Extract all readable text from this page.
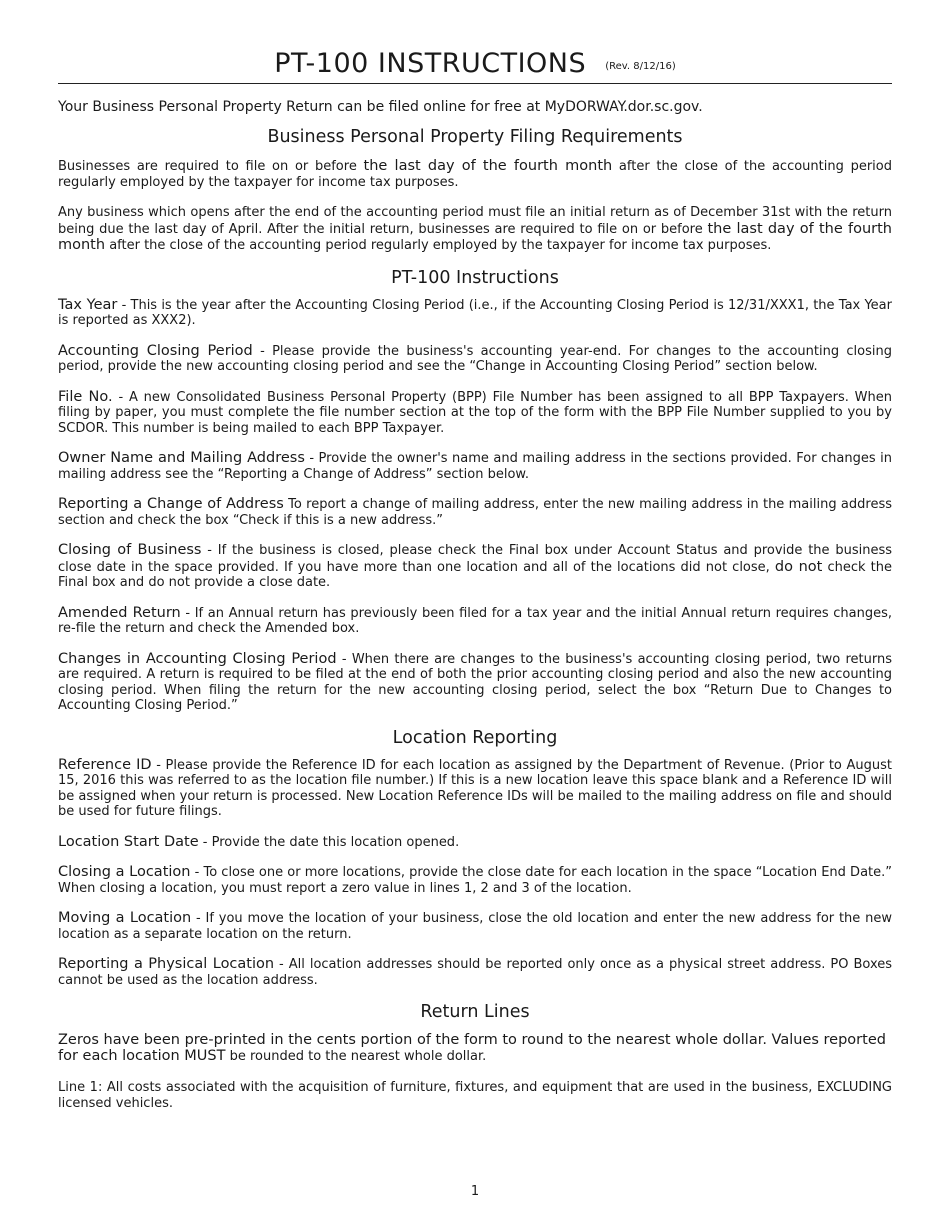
PT-100 INSTRUCTIONS (Rev. 8/12/16)
Your Business Personal Property Return can be filed online for free at MyDORWAY.dor.sc.gov.
Business Personal Property Filing Requirements

Businesses are required to file on or before the last day of the fourth month after the close of the accounting period regularly employed by the taxpayer for income tax purposes.

Any business which opens after the end of the accounting period must file an initial return as of December 31st with the return being due the last day of April. After the initial return, businesses are required to file on or before the last day of the fourth month after the close of the accounting period regularly employed by the taxpayer for income tax purposes.

PT-100 Instructions

Tax Year - This is the year after the Accounting Closing Period (i.e., if the Accounting Closing Period is 12/31/XXX1, the Tax Year is reported as XXX2).

Accounting Closing Period - Please provide the business's accounting year-end. For changes to the accounting closing period, provide the new accounting closing period and see the “Change in Accounting Closing Period” section below.

File No. - A new Consolidated Business Personal Property (BPP) File Number has been assigned to all BPP Taxpayers. When filing by paper, you must complete the file number section at the top of the form with the BPP File Number supplied to you by SCDOR. This number is being mailed to each BPP Taxpayer.

Owner Name and Mailing Address - Provide the owner's name and mailing address in the sections provided. For changes in mailing address see the “Reporting a Change of Address” section below.

Reporting a Change of Address To report a change of mailing address, enter the new mailing address in the mailing address section and check the box “Check if this is a new address.”

Closing of Business - If the business is closed, please check the Final box under Account Status and provide the business close date in the space provided. If you have more than one location and all of the locations did not close, do not check the Final box and do not provide a close date.

Amended Return - If an Annual return has previously been filed for a tax year and the initial Annual return requires changes, re-file the return and check the Amended box.

Changes in Accounting Closing Period - When there are changes to the business's accounting closing period, two returns are required. A return is required to be filed at the end of both the prior accounting closing period and also the new accounting closing period. When filing the return for the new accounting closing period, select the box “Return Due to Changes to Accounting Closing Period.”

Location Reporting

Reference ID - Please provide the Reference ID for each location as assigned by the Department of Revenue. (Prior to August 15, 2016 this was referred to as the location file number.) If this is a new location leave this space blank and a Reference ID will be assigned when your return is processed. New Location Reference IDs will be mailed to the mailing address on file and should be used for future filings.

Location Start Date - Provide the date this location opened.

Closing a Location - To close one or more locations, provide the close date for each location in the space “Location End Date.” When closing a location, you must report a zero value in lines 1, 2 and 3 of the location.

Moving a Location - If you move the location of your business, close the old location and enter the new address for the new location as a separate location on the return.

Reporting a Physical Location - All location addresses should be reported only once as a physical street address. PO Boxes cannot be used as the location address.

Return Lines

Zeros have been pre-printed in the cents portion of the form to round to the nearest whole dollar. Values reported for each location MUST be rounded to the nearest whole dollar.

Line 1: All costs associated with the acquisition of furniture, fixtures, and equipment that are used in the business, EXCLUDING licensed vehicles.

1
